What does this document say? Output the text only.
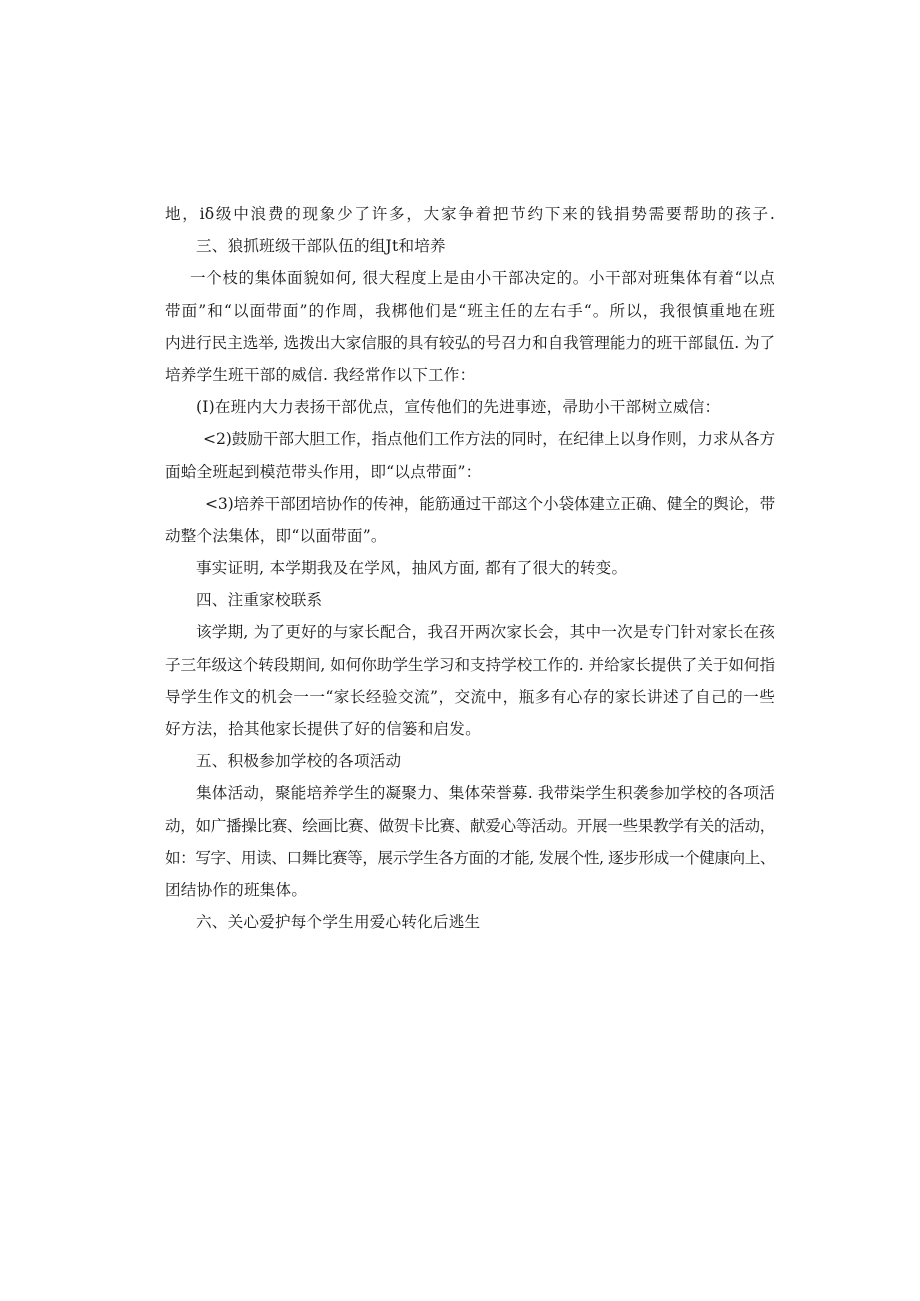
地，iδ级中浪费的现象少了许多，大家争着把节约下来的钱捐势需要帮助的孩子.
三、狼抓班级干部队伍的组Jt和培养
一个枝的集体面貌如何, 很大程度上是由小干部决定的。小干部对班集体有着“以点
带面”和“以面带面”的作周，我梆他们是“班主任的左右手“。所以，我很慎重地在班
内进行民主选举, 选拨出大家信服的具有较弘的号召力和自我管理能力的班干部鼠伍. 为了
培养学生班干部的威信. 我经常作以下工作：
(I)在班内大力表扬干部优点，宣传他们的先进事迹，帚助小干部树立威信：
<2)鼓励干部大胆工作，指点他们工作方法的同时，在纪律上以身作则，力求从各方
面蛤全班起到模范带头作用，即“以点带面”：
<3)培养干部团培协作的传神，能筋通过干部这个小袋体建立正确、健全的舆论，带
动整个法集体，即“以面带面”。
事实证明, 本学期我及在学风，抽风方面, 都有了很大的转变。
四、注重家校联系
该学期, 为了更好的与家长配合，我召开两次家长会，其中一次是专门针对家长在孩
子三年级这个转段期间, 如何你助学生学习和支持学校工作的. 并给家长提供了关于如何指
导学生作文的机会一一“家长经验交流”，交流中，瓶多有心存的家长讲述了自己的一些
好方法，拾其他家长提供了好的信篓和启发。
五、积极参加学校的各项活动
集体活动，聚能培养学生的凝聚力、集体荣誉募. 我带柒学生积袭参加学校的各项活
动，如广播操比赛、绘画比赛、做贺卡比赛、献爱心等活动。开展一些果教学有关的活动，
如：写字、用读、口舞比赛等，展示学生各方面的才能, 发展个性, 逐步形成一个健康向上、
团结协作的班集体。
六、关心爱护每个学生用爱心转化后逃生
